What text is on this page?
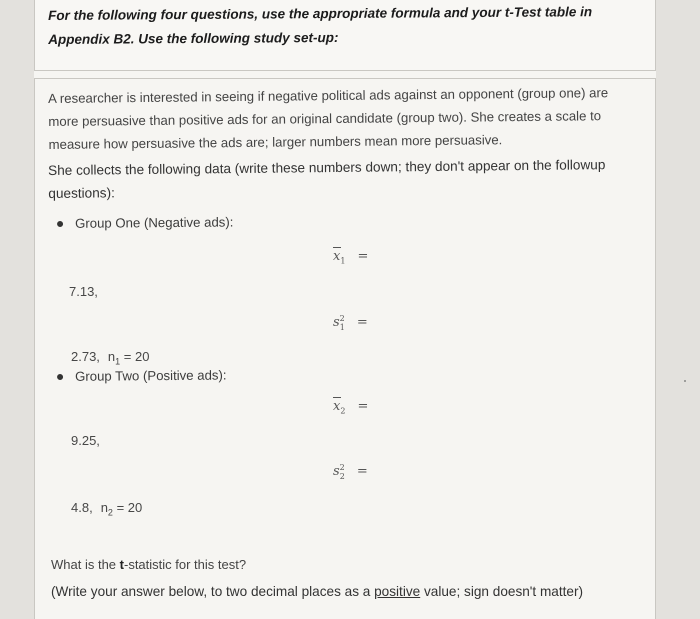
For the following four questions, use the appropriate formula and your t-Test table in Appendix B2. Use the following study set-up:
A researcher is interested in seeing if negative political ads against an opponent (group one) are more persuasive than positive ads for an original candidate (group two). She creates a scale to measure how persuasive the ads are; larger numbers mean more persuasive.
She collects the following data (write these numbers down; they don't appear on the followup questions):
Group One (Negative ads):
$x_1$ =
7.13,
$s^2_1$ =
2.73, $n_1 = 20$
Group Two (Positive ads):
$x_2$ =
9.25,
$s^2_2$ =
4.8, $n_2 = 20$
What is the t-statistic for this test?
(Write your answer below, to two decimal places as a positive value; sign doesn't matter)
